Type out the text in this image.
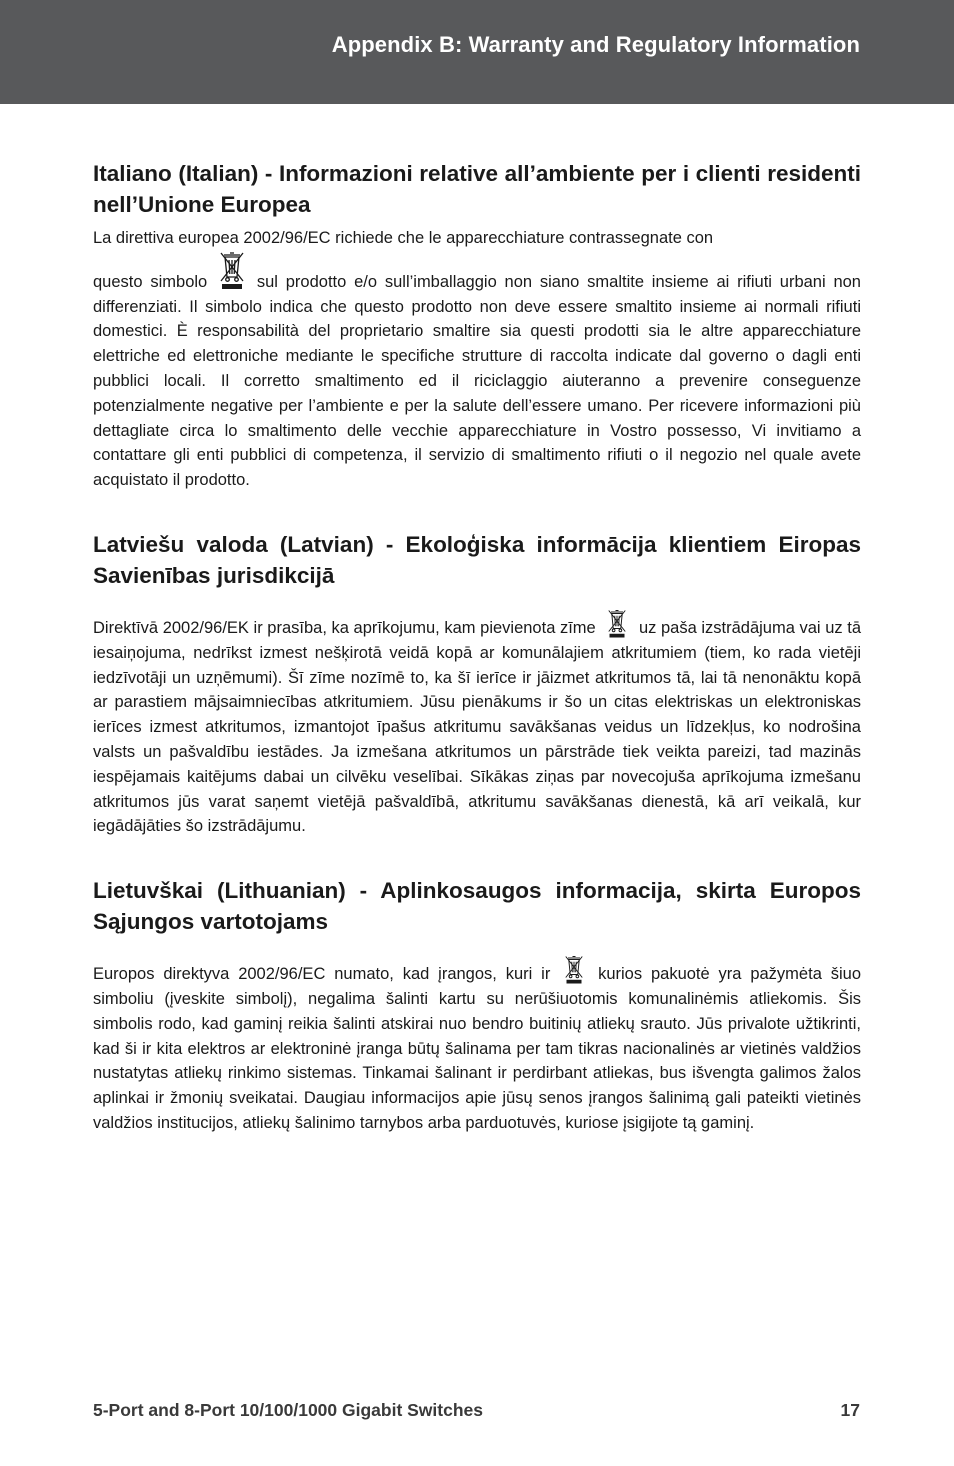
Appendix B: Warranty and Regulatory Information
Italiano (Italian) - Informazioni relative all’ambiente per i clienti residenti nell’Unione Europea

La direttiva europea 2002/96/EC richiede che le apparecchiature contrassegnate con
questo simbolo	sul prodotto e/o sull’imballaggio non siano smaltite insieme ai rifiuti urbani non differenziati. Il simbolo indica che questo prodotto non deve essere smaltito insieme ai normali rifiuti domestici. È responsabilità del proprietario smaltire sia questi prodotti sia le altre apparecchiature elettriche ed elettroniche mediante le specifiche strutture di raccolta indicate dal governo o dagli enti pubblici locali. Il corretto smaltimento ed il riciclaggio aiuteranno a prevenire conseguenze potenzialmente negative per l’ambiente e per la salute dell’essere umano. Per ricevere informazioni più dettagliate circa lo smaltimento delle vecchie apparecchiature in Vostro possesso, Vi invitiamo a contattare gli enti pubblici di competenza, il servizio di smaltimento rifiuti o il negozio nel quale avete acquistato il prodotto.

Latviešu valoda (Latvian) - Ekoloģiska informācija klientiem Eiropas Savienības jurisdikcijā

Direktīvā 2002/96/EK ir prasība, ka aprīkojumu, kam pievienota zīme	uz paša izstrādājuma vai uz tā iesaiņojuma, nedrīkst izmest nešķirotā veidā kopā ar komunālajiem atkritumiem (tiem, ko rada vietēji iedzīvotāji un uzņēmumi). Šī zīme nozīmē to, ka šī ierīce ir jāizmet atkritumos tā, lai tā nenonāktu kopā ar parastiem mājsaimniecības atkritumiem. Jūsu pienākums ir šo un citas elektriskas un elektroniskas ierīces izmest atkritumos, izmantojot īpašus atkritumu savākšanas veidus un līdzekļus, ko nodrošina valsts un pašvaldību iestādes. Ja izmešana atkritumos un pārstrāde tiek veikta pareizi, tad mazinās iespējamais kaitējums dabai un cilvēku veselībai. Sīkākas ziņas par novecojuša aprīkojuma izmešanu atkritumos jūs varat saņemt vietējā pašvaldībā, atkritumu savākšanas dienestā, kā arī veikalā, kur iegādājāties šo izstrādājumu.

Lietuvškai (Lithuanian) - Aplinkosaugos informacija, skirta Europos Sąjungos vartotojams

Europos direktyva 2002/96/EC numato, kad įrangos, kuri ir	kurios pakuotė yra pažymėta šiuo simboliu (įveskite simbolį), negalima šalinti kartu su nerūšiuotomis komunalinėmis atliekomis. Šis simbolis rodo, kad gaminį reikia šalinti atskirai nuo bendro buitinių atliekų srauto. Jūs privalote užtikrinti, kad ši ir kita elektros ar elektroninė įranga būtų šalinama per tam tikras nacionalinės ar vietinės valdžios nustatytas atliekų rinkimo sistemas. Tinkamai šalinant ir perdirbant atliekas, bus išvengta galimos žalos aplinkai ir žmonių sveikatai. Daugiau informacijos apie jūsų senos įrangos šalinimą gali pateikti vietinės valdžios institucijos, atliekų šalinimo tarnybos arba parduotuvės, kuriose įsigijote tą gaminį.

5-Port and 8-Port 10/100/1000 Gigabit Switches	17
